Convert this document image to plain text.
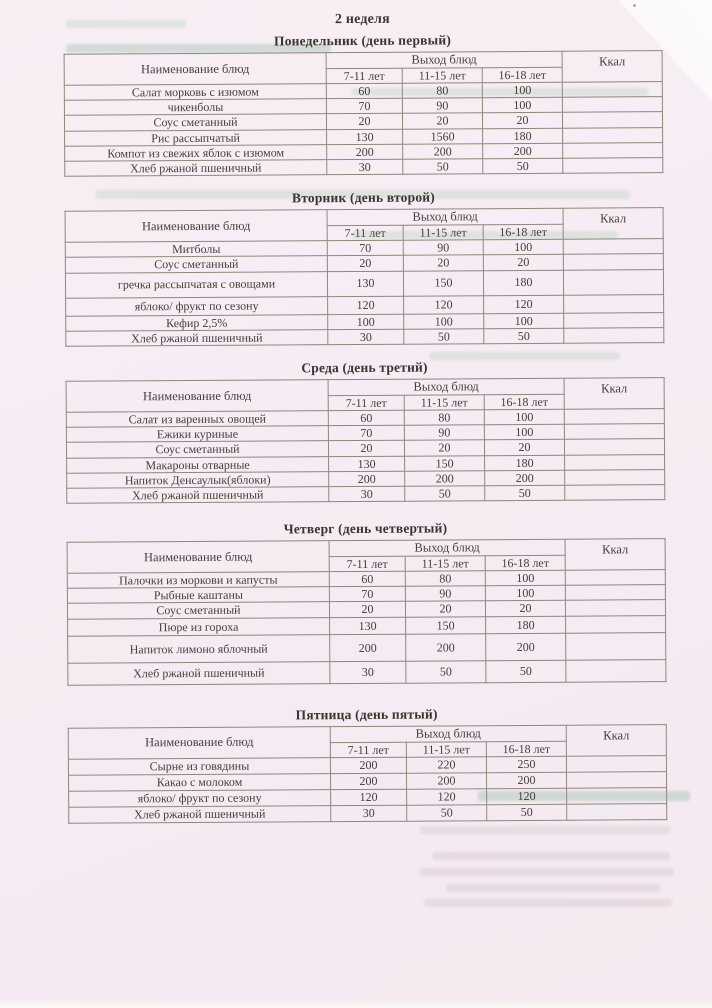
2 неделя
Понедельник (день первый)
Наименование блюд	Выход блюд			Ккал
	7-11 лет	11-15 лет	16-18 лет	
Салат морковь с изюмом	60	80	100	
чикенболы	70	90	100	
Соус сметанный	20	20	20	
Рис рассыпчатый	130	1560	180	
Компот из свежих яблок с изюмом	200	200	200	
Хлеб ржаной пшеничный	30	50	50	
Вторник (день второй)
Наименование блюд	Выход блюд			Ккал
	7-11 лет	11-15 лет	16-18 лет	
Митболы	70	90	100	
Соус сметанный	20	20	20	
гречка рассыпчатая с овощами	130	150	180	
яблоко/ фрукт по сезону	120	120	120	
Кефир 2,5%	100	100	100	
Хлеб ржаной пшеничный	30	50	50	
Среда (день третий)
Наименование блюд	Выход блюд			Ккал
	7-11 лет	11-15 лет	16-18 лет	
Салат из варенных овощей	60	80	100	
Ежики куриные	70	90	100	
Соус сметанный	20	20	20	
Макароны отварные	130	150	180	
Напиток Денсаулык(яблоки)	200	200	200	
Хлеб ржаной пшеничный	30	50	50	
Четверг (день четвертый)
Наименование блюд	Выход блюд			Ккал
	7-11 лет	11-15 лет	16-18 лет	
Палочки из моркови и капусты	60	80	100	
Рыбные каштаны	70	90	100	
Соус сметанный	20	20	20	
Пюре из гороха	130	150	180	
Напиток лимоно яблочный	200	200	200	
Хлеб ржаной пшеничный	30	50	50	
Пятница (день пятый)
Наименование блюд	Выход блюд			Ккал
	7-11 лет	11-15 лет	16-18 лет	
Сырне из говядины	200	220	250	
Какао с молоком	200	200	200	
яблоко/ фрукт по сезону	120	120	120	
Хлеб ржаной пшеничный	30	50	50	
